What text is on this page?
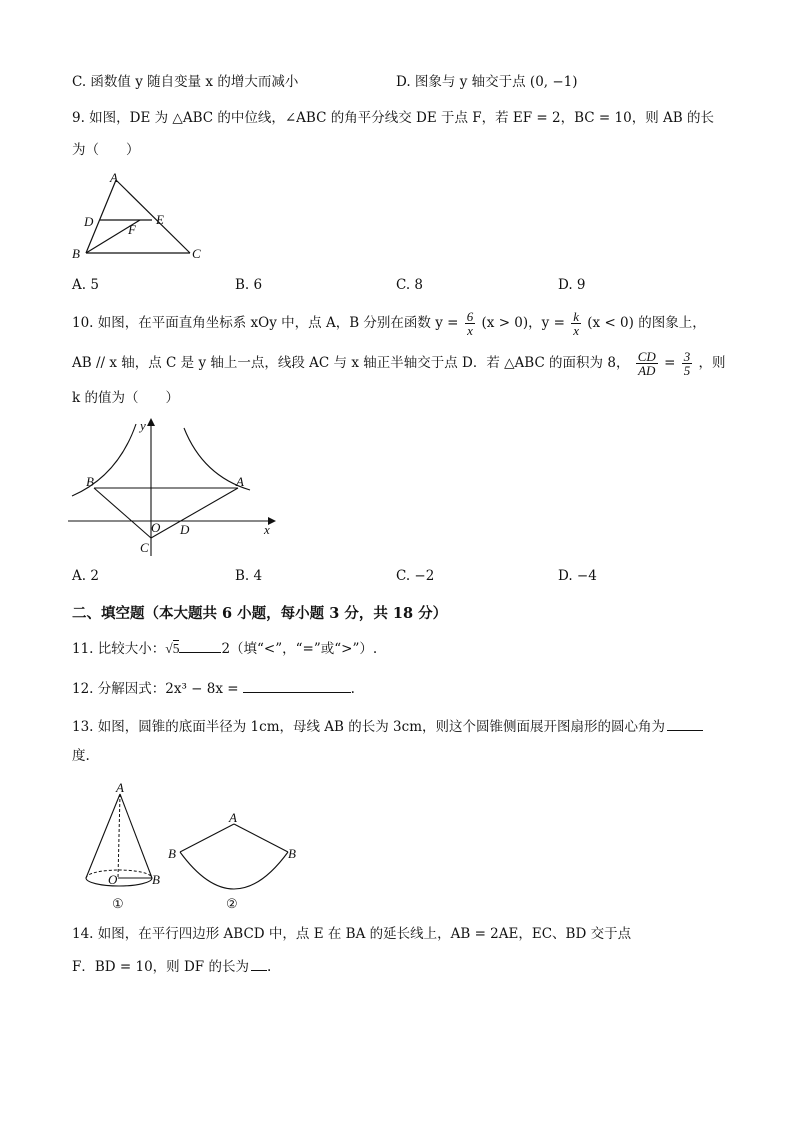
C. 函数值 y 随自变量 x 的增大而减小	D. 图象与 y 轴交于点 (0, −1)
9. 如图，DE 为 △ABC 的中位线，∠ABC 的角平分线交 DE 于点 F，若 EF = 2，BC = 10，则 AB 的长
为（　　）
A
D	E
F
B	C
A. 5	B. 6	C. 8	D. 9
10. 如图，在平面直角坐标系 xOy 中，点 A，B 分别在函数 $y = \frac{6}{x} (x > 0)$，$y = \frac{k}{x} (x < 0)$ 的图象上，
AB // x 轴，点 C 是 y 轴上一点，线段 AC 与 x 轴正半轴交于点 D．若 △ABC 的面积为 8， $\frac{CD}{AD} = \frac{3}{5}$ ，则
k 的值为（　　）
y
B	A
O D
C
x
A. 2	B. 4	C. −2	D. −4
二、填空题（本大题共 6 小题，每小题 3 分，共 18 分）
11. 比较大小：√5	2（填“<”，“=”或“>”）.
12. 分解因式：2x³ − 8x =	.
13. 如图，圆锥的底面半径为 1cm，母线 AB 的长为 3cm，则这个圆锥侧面展开图扇形的圆心角为
度.
A
O	B
①
A
B	B
②
14. 如图，在平行四边形 ABCD 中，点 E 在 BA 的延长线上，AB = 2AE，EC、BD 交于点
F．BD = 10，则 DF 的长为 .
